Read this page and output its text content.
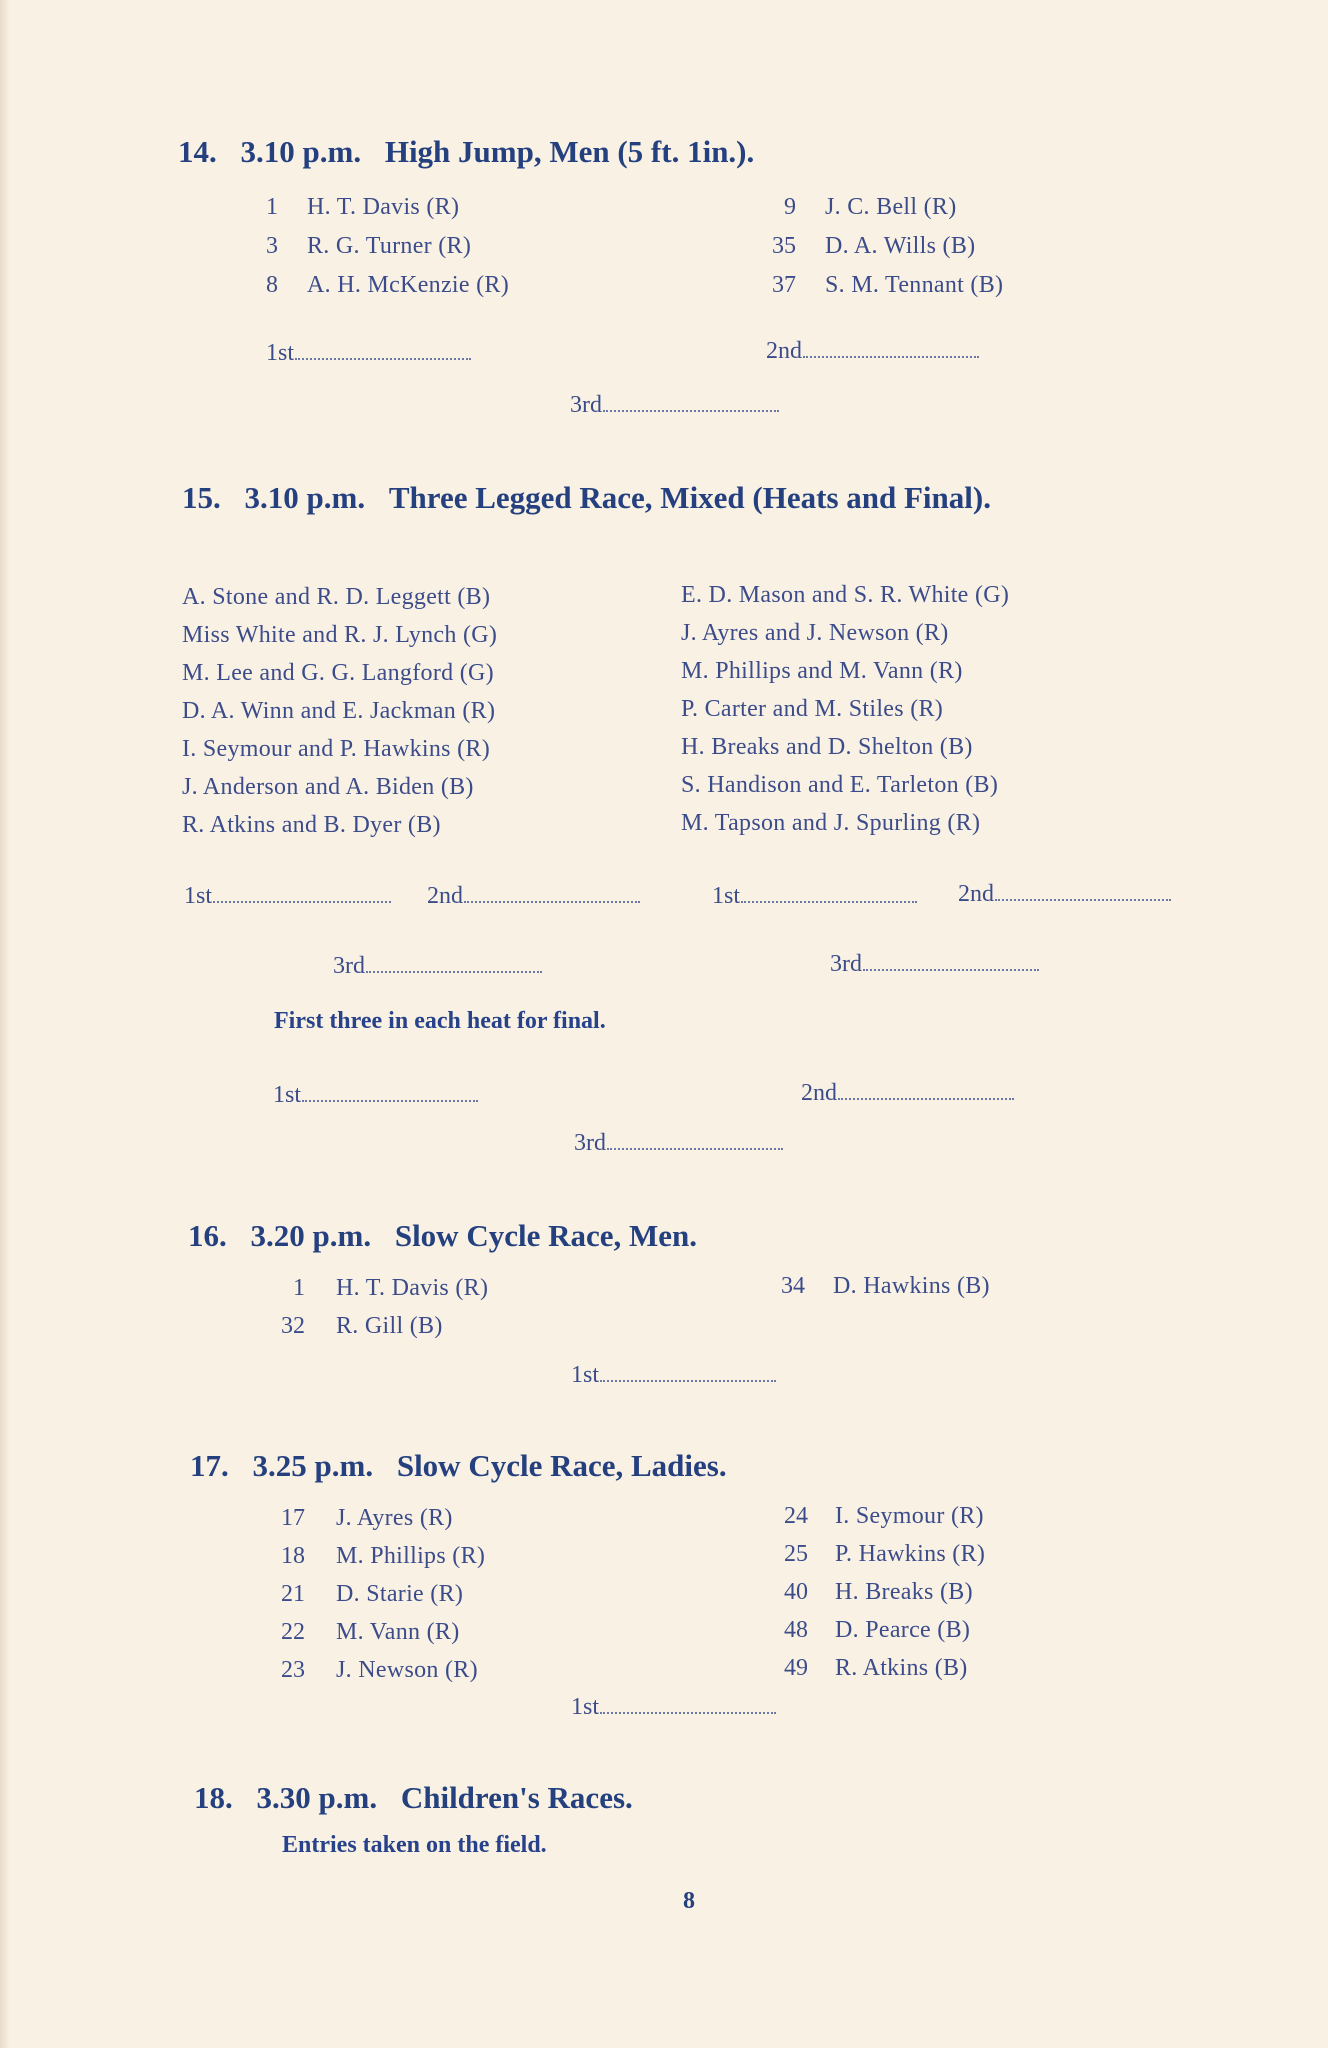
14. 3.10 p.m. High Jump, Men (5 ft. 1in.).
1 H. T. Davis (R)
3 R. G. Turner (R)
8 A. H. McKenzie (R)
9 J. C. Bell (R)
35 D. A. Wills (B)
37 S. M. Tennant (B)
1st	2nd
3rd
15. 3.10 p.m. Three Legged Race, Mixed (Heats and Final).
A. Stone and R. D. Leggett (B)
Miss White and R. J. Lynch (G)
M. Lee and G. G. Langford (G)
D. A. Winn and E. Jackman (R)
I. Seymour and P. Hawkins (R)
J. Anderson and A. Biden (B)
R. Atkins and B. Dyer (B)
E. D. Mason and S. R. White (G)
J. Ayres and J. Newson (R)
M. Phillips and M. Vann (R)
P. Carter and M. Stiles (R)
H. Breaks and D. Shelton (B)
S. Handison and E. Tarleton (B)
M. Tapson and J. Spurling (R)
1st	2nd	1st	2nd
3rd	3rd
First three in each heat for final.
1st	2nd
3rd
16. 3.20 p.m. Slow Cycle Race, Men.
1 H. T. Davis (R)
32 R. Gill (B)
34 D. Hawkins (B)
1st
17. 3.25 p.m. Slow Cycle Race, Ladies.
17 J. Ayres (R)
18 M. Phillips (R)
21 D. Starie (R)
22 M. Vann (R)
23 J. Newson (R)
24 I. Seymour (R)
25 P. Hawkins (R)
40 H. Breaks (B)
48 D. Pearce (B)
49 R. Atkins (B)
1st
18. 3.30 p.m. Children's Races.
Entries taken on the field.
8
